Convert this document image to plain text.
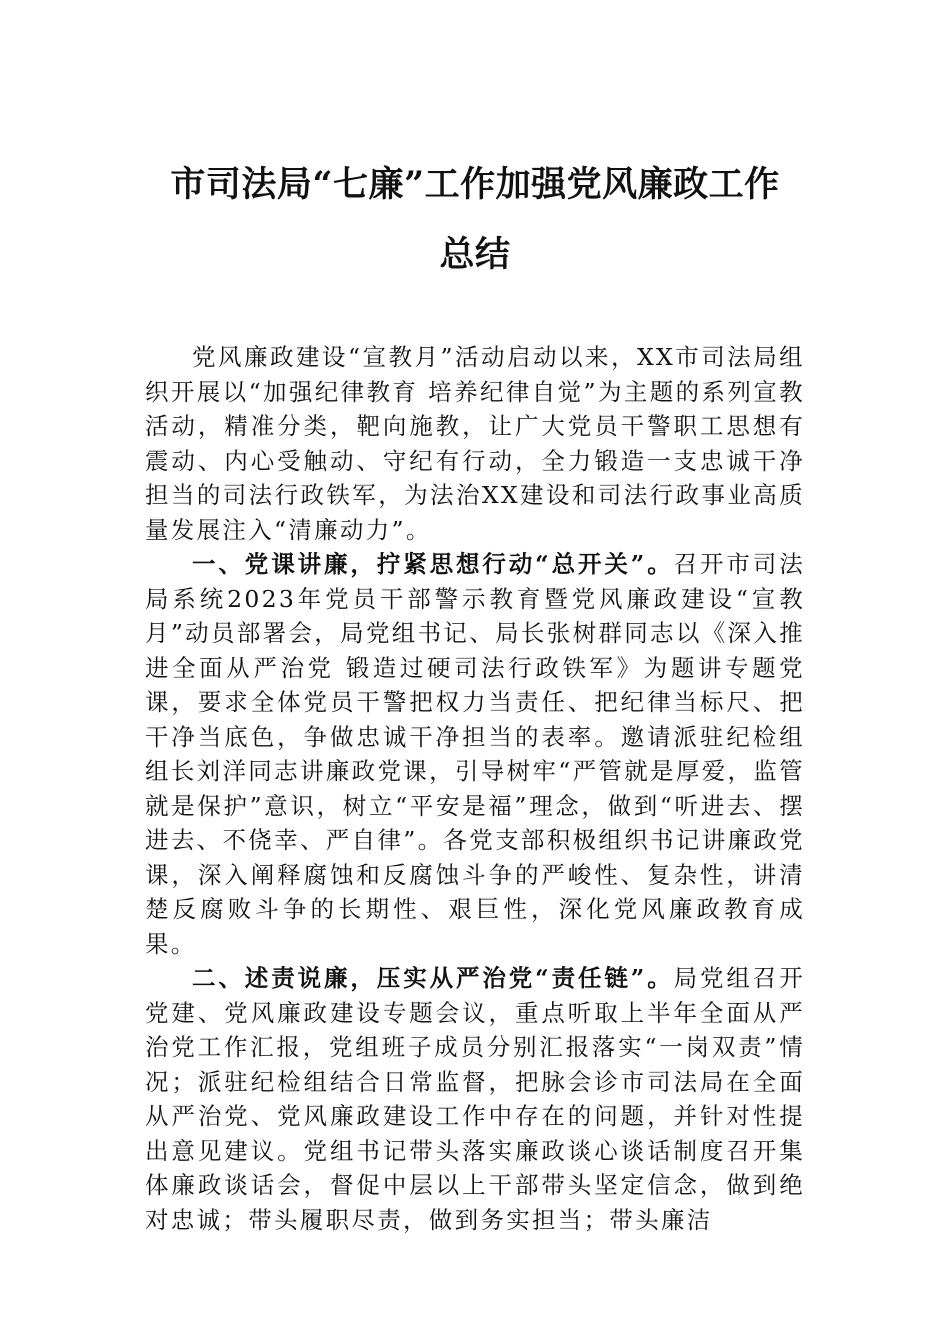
市司法局“七廉”工作加强党风廉政工作
总结

党风廉政建设“宣教月”活动启动以来，XX市司法局组织开展以“加强纪律教育 培养纪律自觉”为主题的系列宣教活动，精准分类，靶向施教，让广大党员干警职工思想有震动、内心受触动、守纪有行动，全力锻造一支忠诚干净担当的司法行政铁军，为法治XX建设和司法行政事业高质量发展注入“清廉动力”。

一、党课讲廉，拧紧思想行动“总开关”。召开市司法局系统2023年党员干部警示教育暨党风廉政建设“宣教月”动员部署会，局党组书记、局长张树群同志以《深入推进全面从严治党 锻造过硬司法行政铁军》为题讲专题党课，要求全体党员干警把权力当责任、把纪律当标尺、把干净当底色，争做忠诚干净担当的表率。邀请派驻纪检组组长刘洋同志讲廉政党课，引导树牢“严管就是厚爱，监管就是保护”意识，树立“平安是福”理念，做到“听进去、摆进去、不侥幸、严自律”。各党支部积极组织书记讲廉政党课，深入阐释腐蚀和反腐蚀斗争的严峻性、复杂性，讲清楚反腐败斗争的长期性、艰巨性，深化党风廉政教育成果。

二、述责说廉，压实从严治党“责任链”。局党组召开党建、党风廉政建设专题会议，重点听取上半年全面从严治党工作汇报，党组班子成员分别汇报落实“一岗双责”情况；派驻纪检组结合日常监督，把脉会诊市司法局在全面从严治党、党风廉政建设工作中存在的问题，并针对性提出意见建议。党组书记带头落实廉政谈心谈话制度召开集体廉政谈话会，督促中层以上干部带头坚定信念，做到绝对忠诚；带头履职尽责，做到务实担当；带头廉洁
